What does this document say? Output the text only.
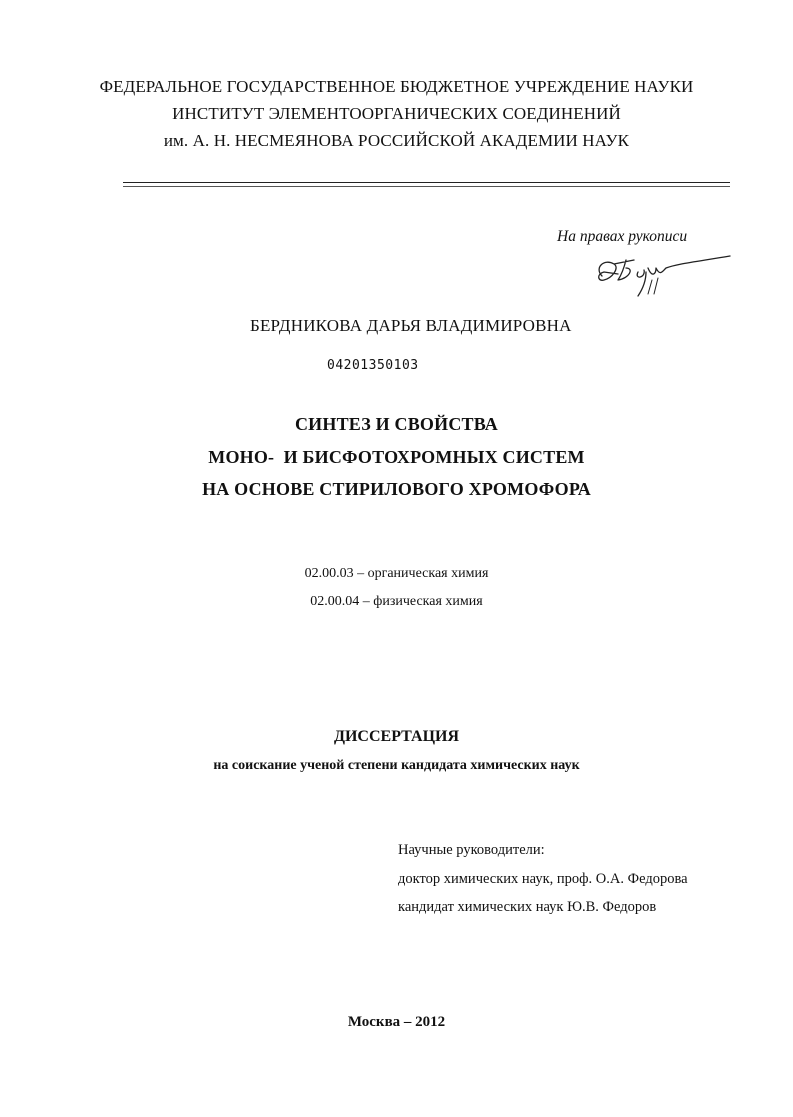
ФЕДЕРАЛЬНОЕ ГОСУДАРСТВЕННОЕ БЮДЖЕТНОЕ УЧРЕЖДЕНИЕ НАУКИ
ИНСТИТУТ ЭЛЕМЕНТООРГАНИЧЕСКИХ СОЕДИНЕНИЙ
им. А. Н. НЕСМЕЯНОВА РОССИЙСКОЙ АКАДЕМИИ НАУК

На правах рукописи

БЕРДНИКОВА ДАРЬЯ ВЛАДИМИРОВНА

04201350103

СИНТЕЗ И СВОЙСТВА
МОНО-  И БИСФОТОХРОМНЫХ СИСТЕМ
НА ОСНОВЕ СТИРИЛОВОГО ХРОМОФОРА
02.00.03 – органическая химия
02.00.04 – физическая химия
ДИССЕРТАЦИЯ
на соискание ученой степени кандидата химических наук
Научные руководители:
доктор химических наук, проф. О.А. Федорова
кандидат химических наук Ю.В. Федоров
Москва – 2012
